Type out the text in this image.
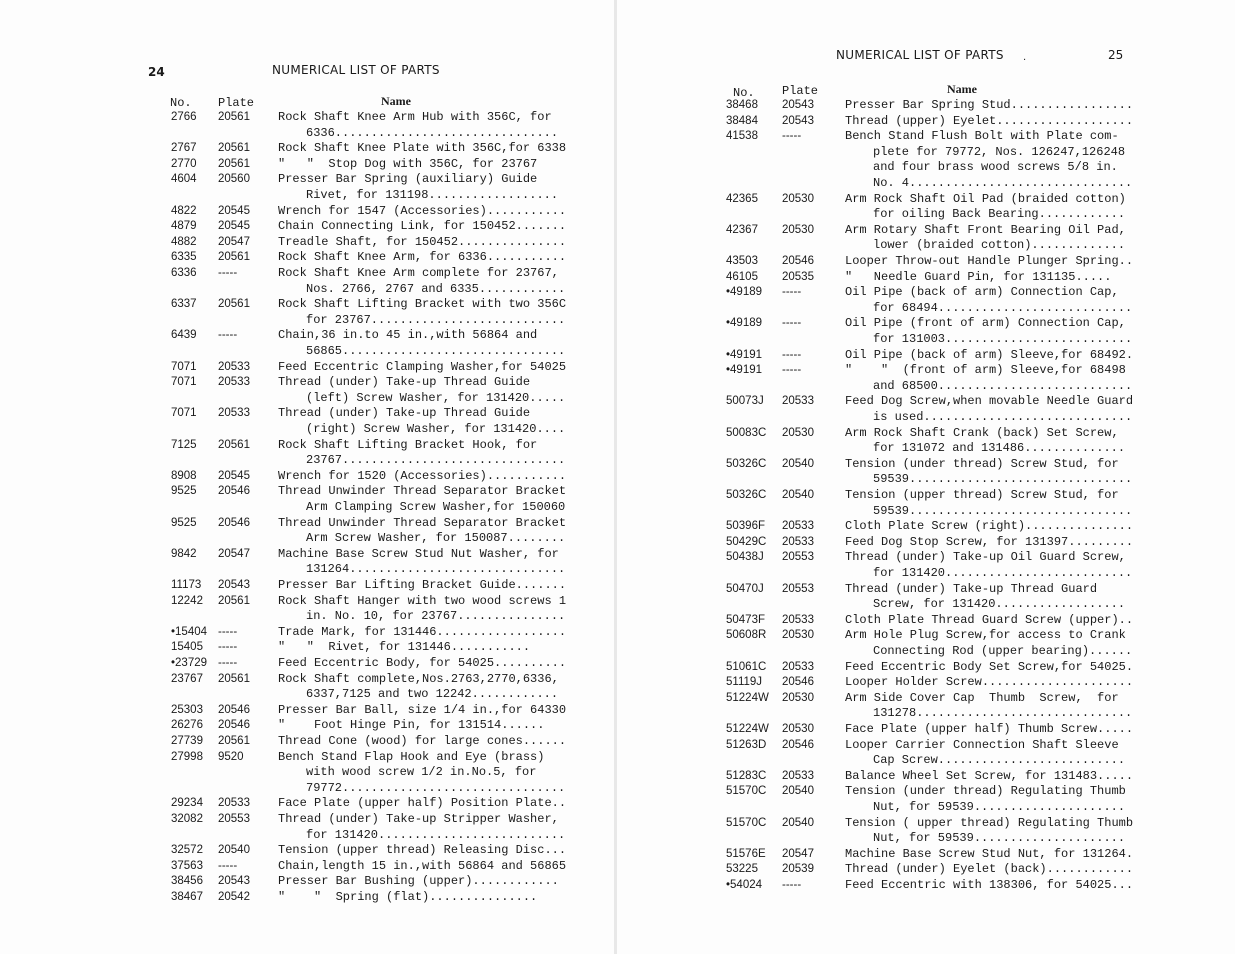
24	NUMERICAL LIST OF PARTS
No. Plate	Name
2766 20561 Rock Shaft Knee Arm Hub with 356C, for
6336...............................
2767 20561 Rock Shaft Knee Plate with 356C,for 6338
2770 20561 "   "  Stop Dog with 356C, for 23767
4604 20560 Presser Bar Spring (auxiliary) Guide
Rivet, for 131198..................
4822 20545 Wrench for 1547 (Accessories)...........
4879 20545 Chain Connecting Link, for 150452.......
4882 20547 Treadle Shaft, for 150452...............
6335 20561 Rock Shaft Knee Arm, for 6336...........
6336 -----	Rock Shaft Knee Arm complete for 23767,
Nos. 2766, 2767 and 6335............
6337 20561 Rock Shaft Lifting Bracket with two 356C
for 23767...........................
6439 -----	Chain,36 in.to 45 in.,with 56864 and
56865...............................
7071 20533 Feed Eccentric Clamping Washer,for 54025
7071 20533 Thread (under) Take-up Thread Guide
(left) Screw Washer, for 131420.....
7071 20533 Thread (under) Take-up Thread Guide
(right) Screw Washer, for 131420....
7125 20561 Rock Shaft Lifting Bracket Hook, for
23767...............................
8908 20545 Wrench for 1520 (Accessories)...........
9525 20546 Thread Unwinder Thread Separator Bracket
Arm Clamping Screw Washer,for 150060
9525 20546 Thread Unwinder Thread Separator Bracket
Arm Screw Washer, for 150087........
9842 20547 Machine Base Screw Stud Nut Washer, for
131264..............................
11173 20543 Presser Bar Lifting Bracket Guide.......
12242 20561 Rock Shaft Hanger with two wood screws 1
in. No. 10, for 23767...............
•15404 -----	Trade Mark, for 131446..................
15405 -----	"   "  Rivet, for 131446...........
•23729 -----	Feed Eccentric Body, for 54025..........
23767 20561 Rock Shaft complete,Nos.2763,2770,6336,
6337,7125 and two 12242............
25303 20546 Presser Bar Ball, size 1/4 in.,for 64330
26276 20546 "    Foot Hinge Pin, for 131514......
27739 20561 Thread Cone (wood) for large cones......
27998 9520	Bench Stand Flap Hook and Eye (brass)
with wood screw 1/2 in.No.5, for
79772...............................
29234 20533 Face Plate (upper half) Position Plate..
32082 20553 Thread (under) Take-up Stripper Washer,
for 131420..........................
32572 20540 Tension (upper thread) Releasing Disc...
37563 -----	Chain,length 15 in.,with 56864 and 56865
38456 20543 Presser Bar Bushing (upper)............
38467 20542 "    "  Spring (flat)...............
NUMERICAL LIST OF PARTS .	25
No. Plate	Name
38468 20543	Presser Bar Spring Stud.................
38484 20543	Thread (upper) Eyelet...................
41538 -----	Bench Stand Flush Bolt with Plate com-
plete for 79772, Nos. 126247,126248
and four brass wood screws 5/8 in.
No. 4...............................
42365 20530	Arm Rock Shaft Oil Pad (braided cotton)
for oiling Back Bearing............
42367 20530	Arm Rotary Shaft Front Bearing Oil Pad,
lower (braided cotton).............
43503 20546	Looper Throw-out Handle Plunger Spring..
46105 20535	"   Needle Guard Pin, for 131135.....
•49189 -----	Oil Pipe (back of arm) Connection Cap,
for 68494...........................
•49189 -----	Oil Pipe (front of arm) Connection Cap,
for 131003..........................
•49191 -----	Oil Pipe (back of arm) Sleeve,for 68492.
•49191 -----	"    "  (front of arm) Sleeve,for 68498
and 68500...........................
50073J 20533	Feed Dog Screw,when movable Needle Guard
is used.............................
50083C 20530	Arm Rock Shaft Crank (back) Set Screw,
for 131072 and 131486..............
50326C 20540	Tension (under thread) Screw Stud, for
59539...............................
50326C 20540	Tension (upper thread) Screw Stud, for
59539...............................
50396F 20533	Cloth Plate Screw (right)...............
50429C 20533	Feed Dog Stop Screw, for 131397.........
50438J 20553	Thread (under) Take-up Oil Guard Screw,
for 131420..........................
50470J 20553	Thread (under) Take-up Thread Guard
Screw, for 131420..................
50473F 20533	Cloth Plate Thread Guard Screw (upper)..
50608R 20530	Arm Hole Plug Screw,for access to Crank
Connecting Rod (upper bearing)......
51061C 20533	Feed Eccentric Body Set Screw,for 54025.
51119J 20546	Looper Holder Screw.....................
51224W 20530	Arm Side Cover Cap  Thumb  Screw,  for
131278..............................
51224W 20530	Face Plate (upper half) Thumb Screw.....
51263D 20546	Looper Carrier Connection Shaft Sleeve
Cap Screw..........................
51283C 20533	Balance Wheel Set Screw, for 131483.....
51570C 20540	Tension (under thread) Regulating Thumb
Nut, for 59539.....................
51570C 20540	Tension ( upper thread) Regulating Thumb
Nut, for 59539.....................
51576E 20547	Machine Base Screw Stud Nut, for 131264.
53225 20539	Thread (under) Eyelet (back)............
•54024 -----	Feed Eccentric with 138306, for 54025...
